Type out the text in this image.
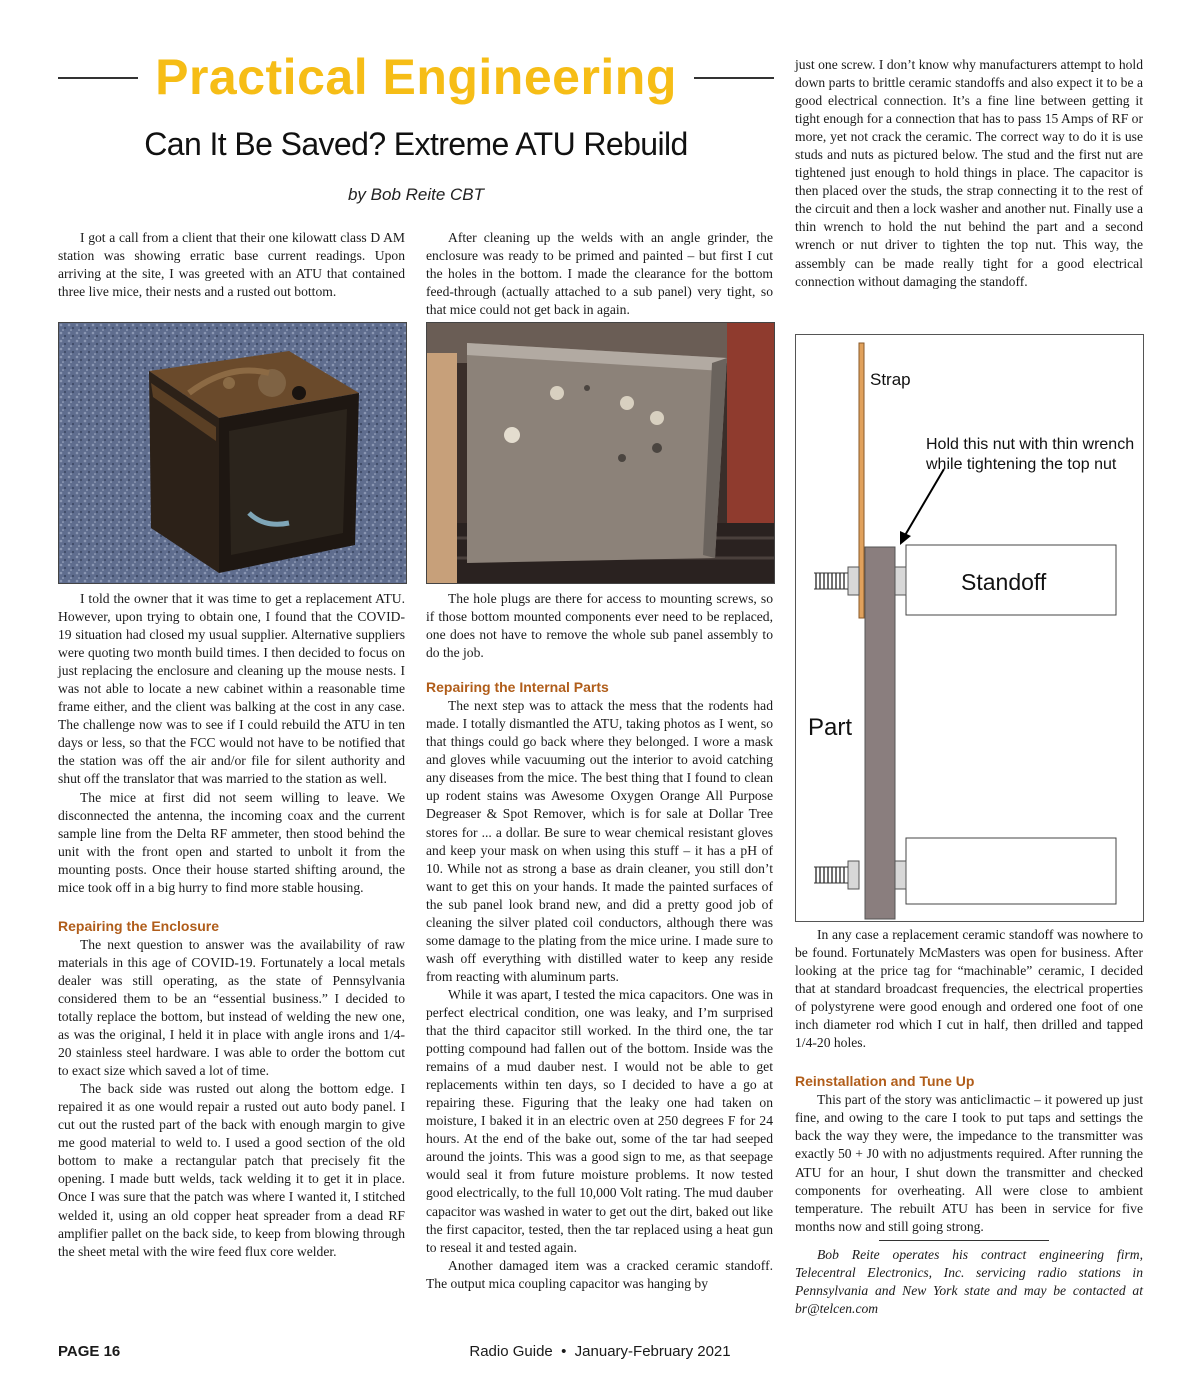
Practical Engineering
Can It Be Saved? Extreme ATU Rebuild
by Bob Reite CBT

I got a call from a client that their one kilowatt class D AM station was showing erratic base current readings. Upon arriving at the site, I was greeted with an ATU that contained three live mice, their nests and a rusted out bottom.

I told the owner that it was time to get a replacement ATU. However, upon trying to obtain one, I found that the COVID-19 situation had closed my usual supplier. Alternative suppliers were quoting two month build times. I then decided to focus on just replacing the enclosure and cleaning up the mouse nests. I was not able to locate a new cabinet within a reasonable time frame either, and the client was balking at the cost in any case. The challenge now was to see if I could rebuild the ATU in ten days or less, so that the FCC would not have to be notified that the station was off the air and/or file for silent authority and shut off the translator that was married to the station as well.

The mice at first did not seem willing to leave. We disconnected the antenna, the incoming coax and the current sample line from the Delta RF ammeter, then stood behind the unit with the front open and started to unbolt it from the mounting posts. Once their house started shifting around, the mice took off in a big hurry to find more stable housing.

Repairing the Enclosure

The next question to answer was the availability of raw materials in this age of COVID-19. Fortunately a local metals dealer was still operating, as the state of Pennsylvania considered them to be an “essential business.” I decided to totally replace the bottom, but instead of welding the new one, as was the original, I held it in place with angle irons and 1/4-20 stainless steel hardware. I was able to order the bottom cut to exact size which saved a lot of time.

The back side was rusted out along the bottom edge. I repaired it as one would repair a rusted out auto body panel. I cut out the rusted part of the back with enough margin to give me good material to weld to. I used a good section of the old bottom to make a rectangular patch that precisely fit the opening. I made butt welds, tack welding it to get it in place. Once I was sure that the patch was where I wanted it, I stitched welded it, using an old copper heat spreader from a dead RF amplifier pallet on the back side, to keep from blowing through the sheet metal with the wire feed flux core welder.

After cleaning up the welds with an angle grinder, the enclosure was ready to be primed and painted – but first I cut the holes in the bottom. I made the clearance for the bottom feed-through (actually attached to a sub panel) very tight, so that mice could not get back in again.

The hole plugs are there for access to mounting screws, so if those bottom mounted components ever need to be replaced, one does not have to remove the whole sub panel assembly to do the job.

Repairing the Internal Parts

The next step was to attack the mess that the rodents had made. I totally dismantled the ATU, taking photos as I went, so that things could go back where they belonged. I wore a mask and gloves while vacuuming out the interior to avoid catching any diseases from the mice. The best thing that I found to clean up rodent stains was Awesome Oxygen Orange All Purpose Degreaser & Spot Remover, which is for sale at Dollar Tree stores for ... a dollar. Be sure to wear chemical resistant gloves and keep your mask on when using this stuff – it has a pH of 10. While not as strong a base as drain cleaner, you still don’t want to get this on your hands. It made the painted surfaces of the sub panel look brand new, and did a pretty good job of cleaning the silver plated coil conductors, although there was some damage to the plating from the mice urine. I made sure to wash off everything with distilled water to keep any reside from reacting with aluminum parts.

While it was apart, I tested the mica capacitors. One was in perfect electrical condition, one was leaky, and I’m surprised that the third capacitor still worked. In the third one, the tar potting compound had fallen out of the bottom. Inside was the remains of a mud dauber nest. I would not be able to get replacements within ten days, so I decided to have a go at repairing these. Figuring that the leaky one had taken on moisture, I baked it in an electric oven at 250 degrees F for 24 hours. At the end of the bake out, some of the tar had seeped around the joints. This was a good sign to me, as that seepage would seal it from future moisture problems. It now tested good electrically, to the full 10,000 Volt rating. The mud dauber capacitor was washed in water to get out the dirt, baked out like the first capacitor, tested, then the tar replaced using a heat gun to reseal it and tested again.

Another damaged item was a cracked ceramic standoff. The output mica coupling capacitor was hanging by

just one screw. I don’t know why manufacturers attempt to hold down parts to brittle ceramic standoffs and also expect it to be a good electrical connection. It’s a fine line between getting it tight enough for a connection that has to pass 15 Amps of RF or more, yet not crack the ceramic. The correct way to do it is use studs and nuts as pictured below. The stud and the first nut are tightened just enough to hold things in place. The capacitor is then placed over the studs, the strap connecting it to the rest of the circuit and then a lock washer and another nut. Finally use a thin wrench to hold the nut behind the part and a second wrench or nut driver to tighten the top nut. This way, the assembly can be made really tight for a good electrical connection without damaging the standoff.

Strap
Hold this nut with thin wrench
while tightening the top nut
Standoff
Part

In any case a replacement ceramic standoff was nowhere to be found. Fortunately McMasters was open for business. After looking at the price tag for “machinable” ceramic, I decided that at standard broadcast frequencies, the electrical properties of polystyrene were good enough and ordered one foot of one inch diameter rod which I cut in half, then drilled and tapped 1/4-20 holes.

Reinstallation and Tune Up

This part of the story was anticlimactic – it powered up just fine, and owing to the care I took to put taps and settings the back the way they were, the impedance to the transmitter was exactly 50 + J0 with no adjustments required. After running the ATU for an hour, I shut down the transmitter and checked components for overheating. All were close to ambient temperature. The rebuilt ATU has been in service for five months now and still going strong.

Bob Reite operates his contract engineering firm, Telecentral Electronics, Inc. servicing radio stations in Pennsylvania and New York state and may be contacted at br@telcen.com

PAGE 16	Radio Guide  •  January-February 2021
